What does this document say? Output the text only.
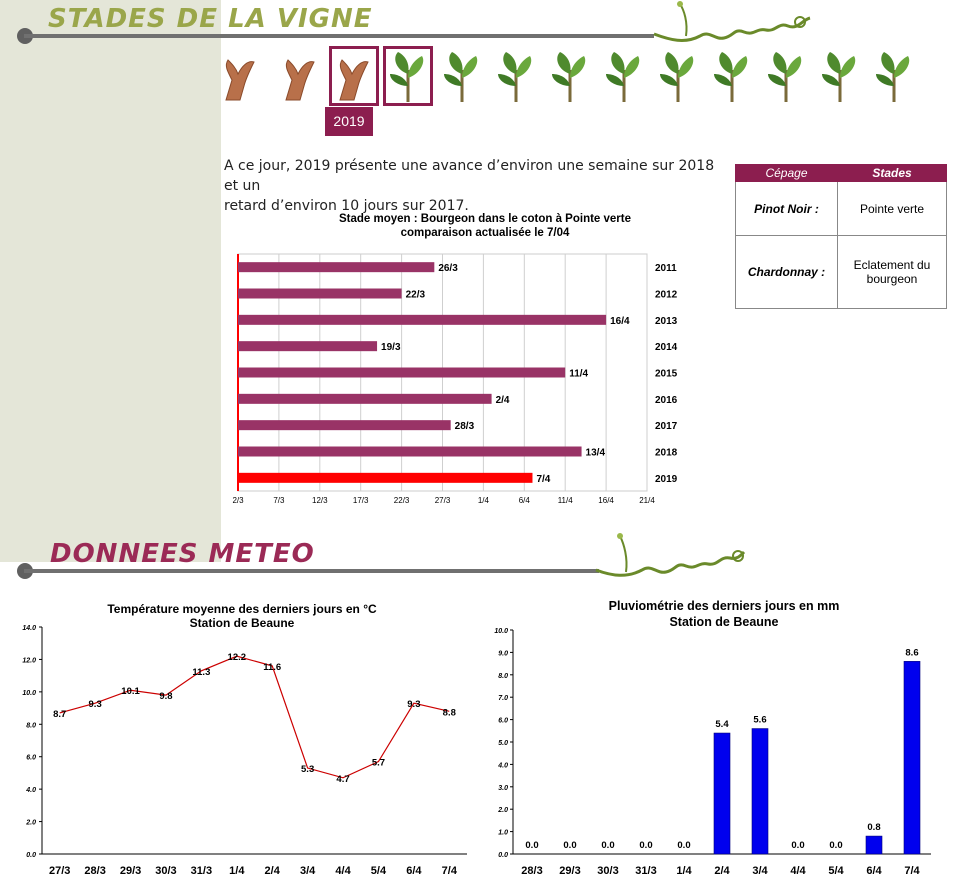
STADES DE LA VIGNE
2019
A ce jour, 2019 présente une avance d’environ une semaine sur 2018 et un
retard d’environ 10 jours sur 2017.
Cépage	Stades
Pinot Noir :	Pointe verte
Chardonnay :	Eclatement du
bourgeon
Stade moyen : Bourgeon dans le coton à Pointe verte
comparaison actualisée le 7/04
2/3	7/3	12/3	17/3	22/3	27/3	1/4	6/4	11/4	16/4	21/4
26/3	2011
22/3	2012
16/4	2013
19/3	2014
11/4	2015
2/4	2016
28/3	2017
13/4	2018
7/4	2019
DONNEES METEO
Température moyenne des derniers jours en °C
Station de Beaune
0.0
2.0
4.0
6.0
8.0
10.0
12.0
14.0
8.7
27/3
9.3
28/3
10.1
29/3
9.8
30/3
11.3
31/3
12.2
1/4
11.6
2/4
5.3
3/4
4.7
4/4
5.7
5/4
9.3
6/4
8.8
7/4
Pluviométrie des derniers jours en mm
Station de Beaune
0.0
1.0
2.0
3.0
4.0
5.0
6.0
7.0
8.0
9.0
10.0
0.0
28/3
0.0
29/3
0.0
30/3
0.0
31/3
0.0
1/4
5.4
2/4
5.6
3/4
0.0
4/4
0.0
5/4
0.8
6/4
8.6
7/4
